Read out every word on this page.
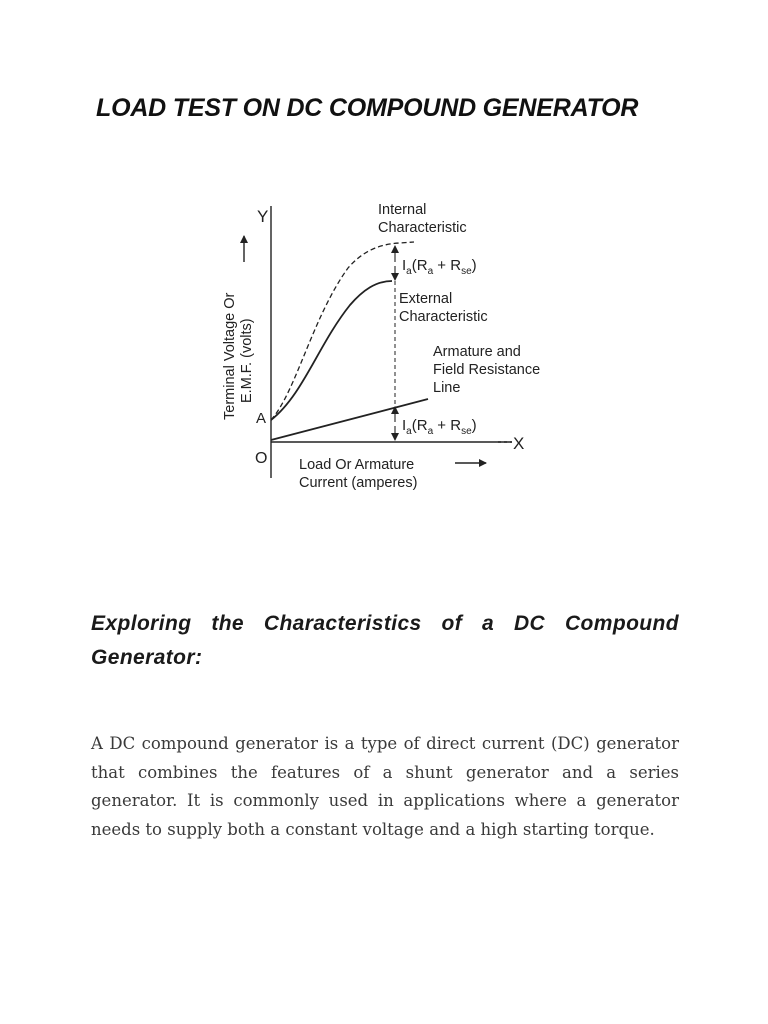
LOAD TEST ON DC COMPOUND GENERATOR
Y
X
O
A
Terminal Voltage Or E.M.F. (volts)
Load Or Armature
Current (amperes)
Internal
Characteristic
$I_a(R_a + R_{se})$
External
Characteristic
Armature and
Field Resistance
Line
$I_a(R_a + R_{se})$
Exploring the Characteristics of a DC Compound Generator:

A DC compound generator is a type of direct current (DC) generator that combines the features of a shunt generator and a series generator. It is commonly used in applications where a generator needs to supply both a constant voltage and a high starting torque.
